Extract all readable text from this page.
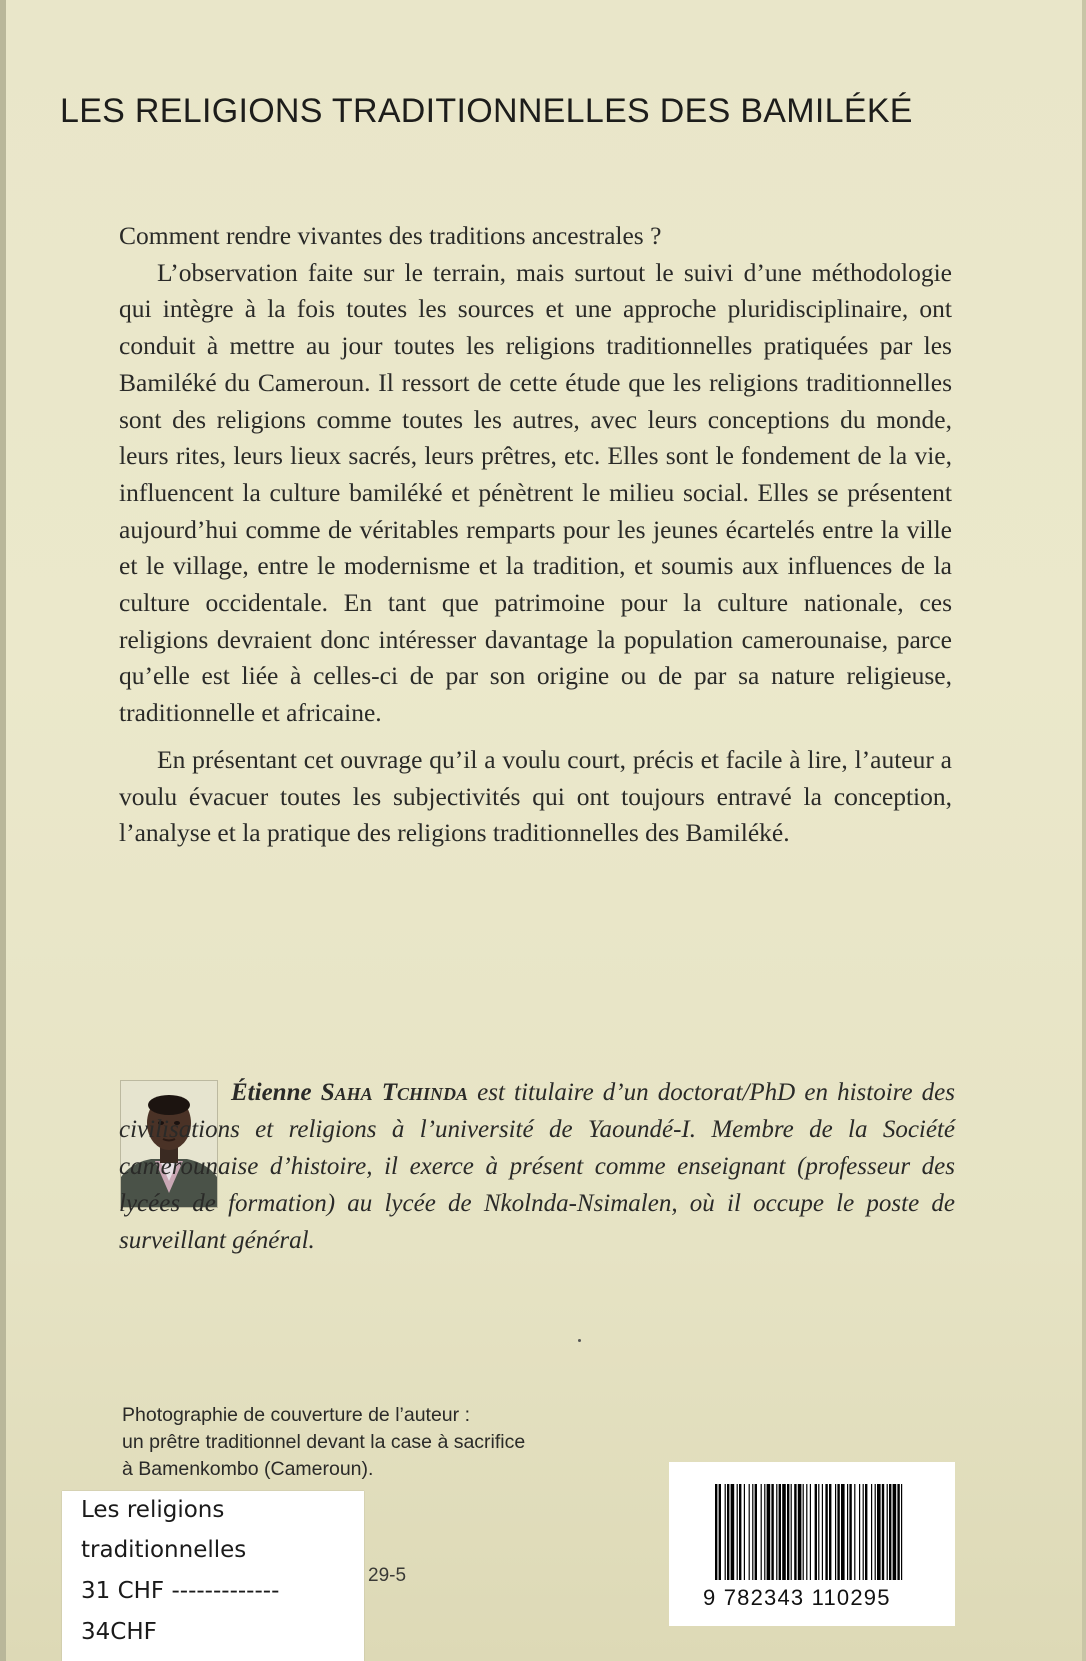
LES RELIGIONS TRADITIONNELLES DES BAMILÉKÉ

Comment rendre vivantes des traditions ancestrales ?

L’observation faite sur le terrain, mais surtout le suivi d’une méthodologie qui intègre à la fois toutes les sources et une approche pluridisciplinaire, ont conduit à mettre au jour toutes les religions traditionnelles pratiquées par les Bamiléké du Cameroun. Il ressort de cette étude que les religions traditionnelles sont des religions comme toutes les autres, avec leurs conceptions du monde, leurs rites, leurs lieux sacrés, leurs prêtres, etc. Elles sont le fondement de la vie, influencent la culture bamiléké et pénètrent le milieu social. Elles se présentent aujourd’hui comme de véritables remparts pour les jeunes écartelés entre la ville et le village, entre le modernisme et la tradition, et soumis aux influences de la culture occidentale. En tant que patrimoine pour la culture nationale, ces religions devraient donc intéresser davantage la population camerounaise, parce qu’elle est liée à celles-ci de par son origine ou de par sa nature religieuse, traditionnelle et africaine.

En présentant cet ouvrage qu’il a voulu court, précis et facile à lire, l’auteur a voulu évacuer toutes les subjectivités qui ont toujours entravé la conception, l’analyse et la pratique des religions traditionnelles des Bamiléké.

Étienne Saha Tchinda est titulaire d’un doctorat/PhD en histoire des civilisations et religions à l’université de Yaoundé-I. Membre de la Société camerounaise d’histoire, il exerce à présent comme enseignant (professeur des lycées de formation) au lycée de Nkolnda-Nsimalen, où il occupe le poste de surveillant général.
Photographie de couverture de l’auteur :
un prêtre traditionnel devant la case à sacrifice
à Bamenkombo (Cameroun).
29-5
Les religions
traditionnelles
31 CHF -------------
34CHF
9 782343 110295
